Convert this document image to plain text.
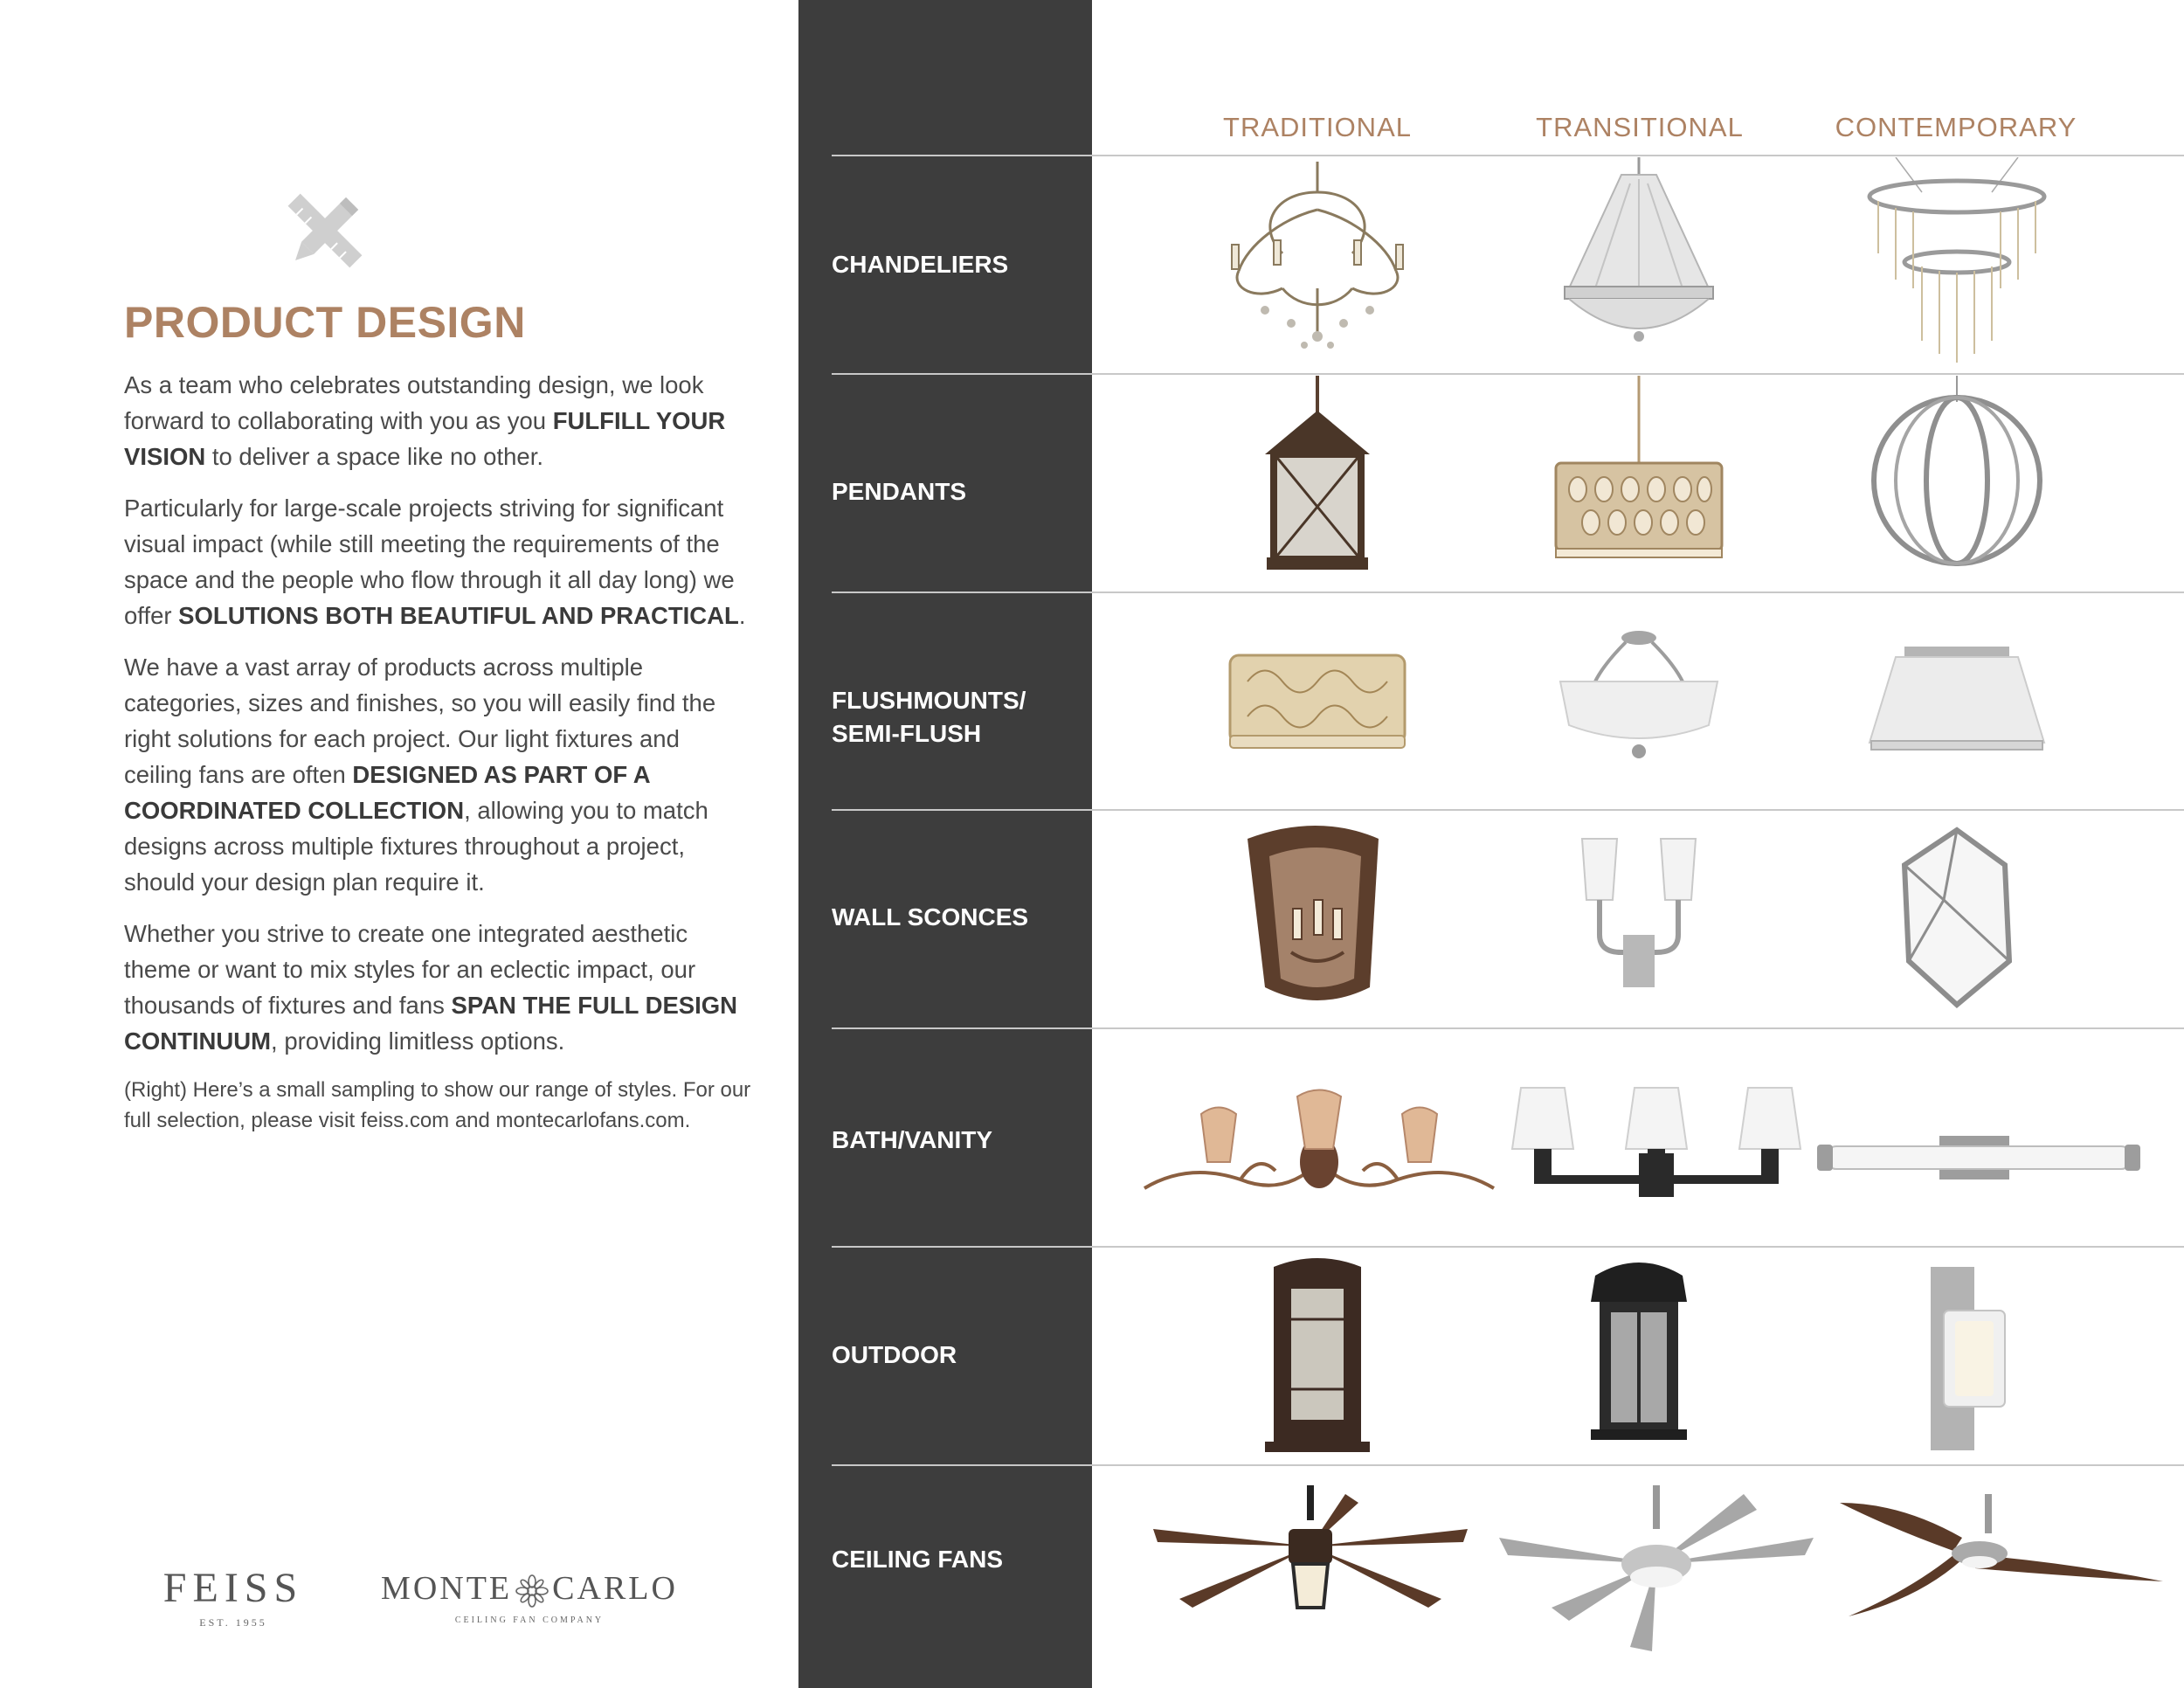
PRODUCT DESIGN

As a team who celebrates outstanding design, we look forward to collaborating with you as you FULFILL YOUR VISION to deliver a space like no other.

Particularly for large-scale projects striving for significant visual impact (while still meeting the requirements of the space and the people who flow through it all day long) we offer SOLUTIONS BOTH BEAUTIFUL AND PRACTICAL.

We have a vast array of products across multiple categories, sizes and finishes, so you will easily find the right solutions for each project. Our light fixtures and ceiling fans are often DESIGNED AS PART OF A COORDINATED COLLECTION, allowing you to match designs across multiple fixtures throughout a project, should your design plan require it.

Whether you strive to create one integrated aesthetic theme or want to mix styles for an eclectic impact, our thousands of fixtures and fans SPAN THE FULL DESIGN CONTINUUM, providing limitless options.

(Right) Here’s a small sampling to show our range of styles. For our full selection, please visit feiss.com and montecarlofans.com.

FEISS
EST. 1955
MONTE CARLO
CEILING FAN COMPANY
CHANDELIERS
PENDANTS
FLUSHMOUNTS/
SEMI-FLUSH
WALL SCONCES
BATH/VANITY
OUTDOOR
CEILING FANS
TRADITIONAL	TRANSITIONAL	CONTEMPORARY
